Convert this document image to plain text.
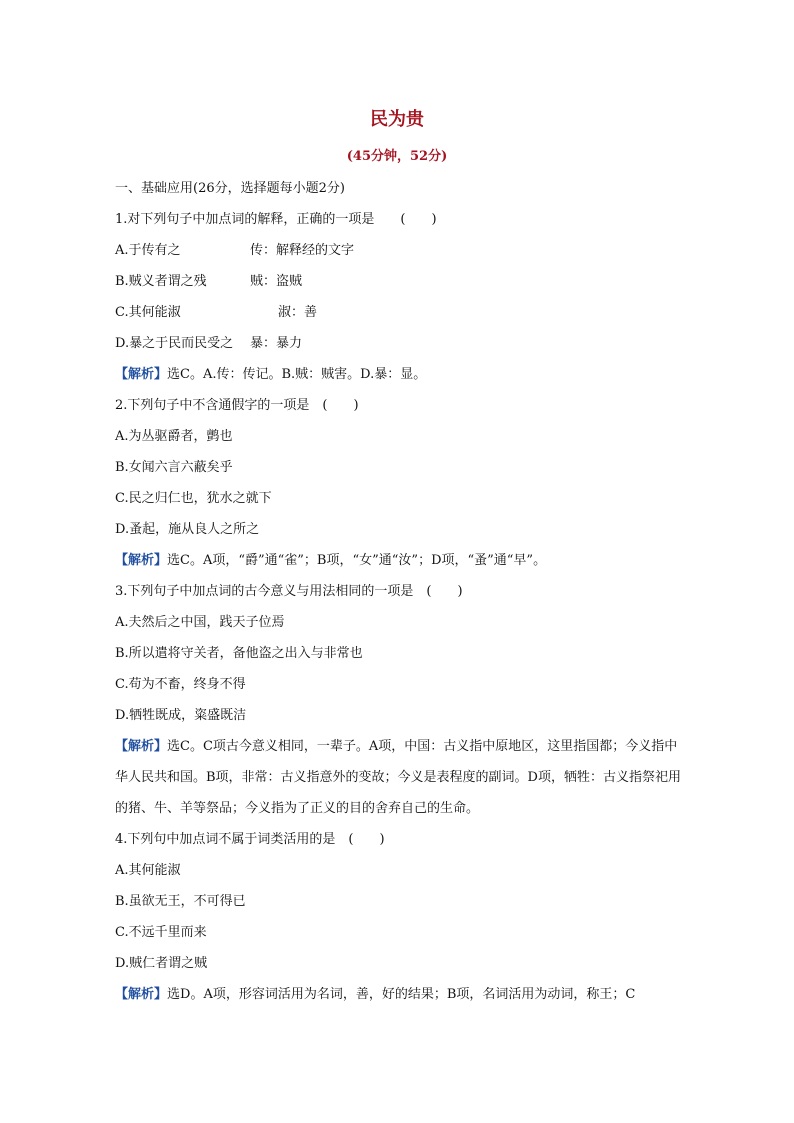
民为贵
(45分钟，52分)
一、基础应用(26分，选择题每小题2分)
1.对下列句子中加点词的解释，正确的一项是　　(　　)
A.于传有之	传：解释经的文字
B.贼义者谓之残	贼：盗贼
C.其何能淑	淑：善
D.暴之于民而民受之 暴：暴力
【解析】选C。A.传：传记。B.贼：贼害。D.暴：显。
2.下列句子中不含通假字的一项是　(　　)
A.为丛驱爵者，鹯也
B.女闻六言六蔽矣乎
C.民之归仁也，犹水之就下
D.蚤起，施从良人之所之
【解析】选C。A项，“爵”通“雀”；B项，“女”通“汝”；D项，“蚤”通“早”。
3.下列句子中加点词的古今意义与用法相同的一项是　(　　)
A.夫然后之中国，践天子位焉
B.所以遣将守关者，备他盗之出入与非常也
C.苟为不畜，终身不得
D.牺牲既成，粢盛既洁
【解析】选C。C项古今意义相同，一辈子。A项，中国：古义指中原地区，这里指国都；今义指中华人民共和国。B项，非常：古义指意外的变故；今义是表程度的副词。D项，牺牲：古义指祭祀用的猪、牛、羊等祭品；今义指为了正义的目的舍弃自己的生命。
4.下列句中加点词不属于词类活用的是　(　　)
A.其何能淑
B.虽欲无王，不可得已
C.不远千里而来
D.贼仁者谓之贼
【解析】选D。A项，形容词活用为名词，善，好的结果；B项，名词活用为动词，称王；C
